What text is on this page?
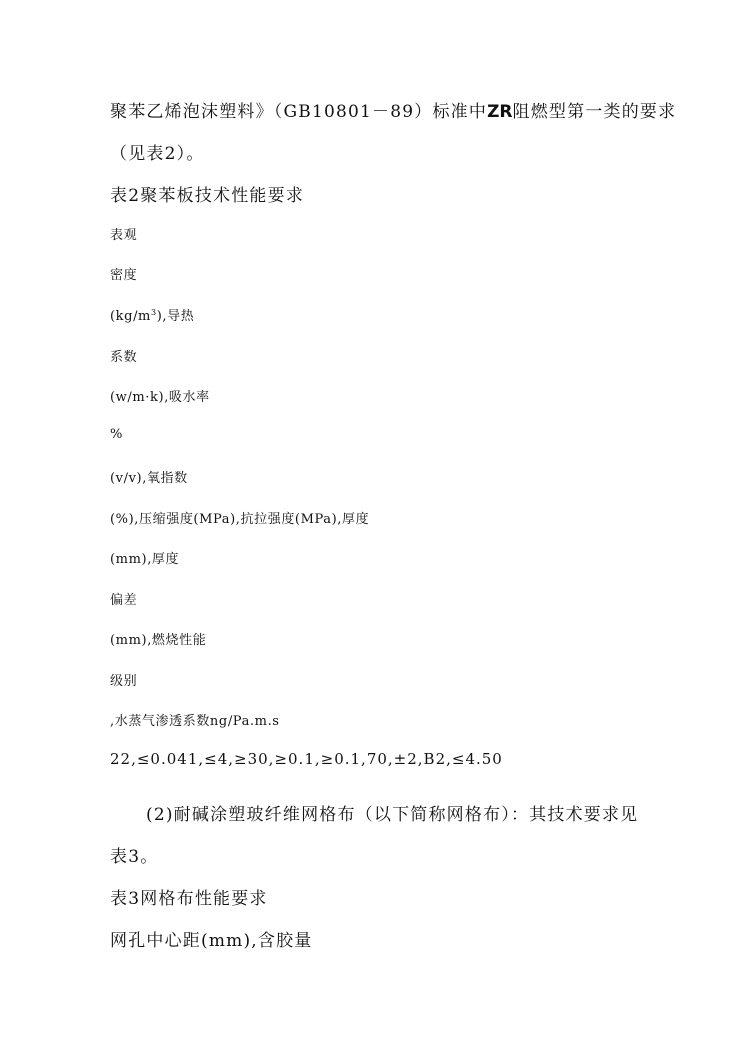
聚苯乙烯泡沫塑料》（GB10801－89）标准中ZR阻燃型第一类的要求
（见表2）。
表2聚苯板技术性能要求
表观
密度
$(kg/m^3)$,导热
系数
(w/m·k),吸水率
%
(v/v),氧指数
(%),压缩强度(MPa),抗拉强度(MPa),厚度
(mm),厚度
偏差
(mm),燃烧性能
级别
,水蒸气渗透系数ng/Pa.m.s
22,≤0.041,≤4,≥30,≥0.1,≥0.1,70,±2,B2,≤4.50
(2)耐碱涂塑玻纤维网格布（以下简称网格布）：其技术要求见
表3。
表3网格布性能要求
网孔中心距(mm),含胶量
